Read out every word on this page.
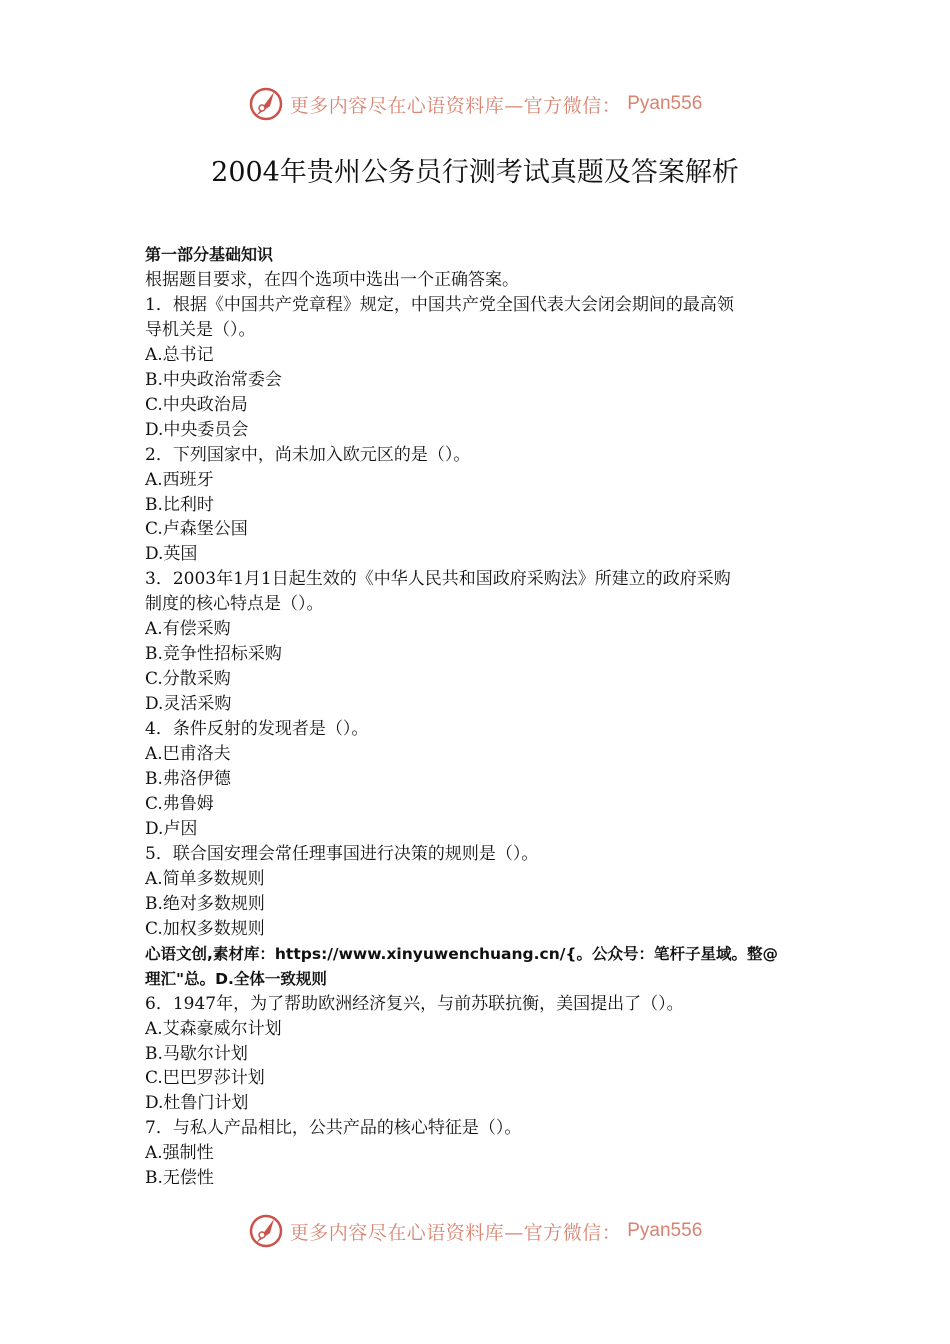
更多内容尽在心语资料库—官方微信： Pyan556
2004年贵州公务员行测考试真题及答案解析
第一部分基础知识
根据题目要求，在四个选项中选出一个正确答案。
1．根据《中国共产党章程》规定，中国共产党全国代表大会闭会期间的最高领
导机关是（）。
A.总书记
B.中央政治常委会
C.中央政治局
D.中央委员会
2．下列国家中，尚未加入欧元区的是（）。
A.西班牙
B.比利时
C.卢森堡公国
D.英国
3．2003年1月1日起生效的《中华人民共和国政府采购法》所建立的政府采购
制度的核心特点是（）。
A.有偿采购
B.竞争性招标采购
C.分散采购
D.灵活采购
4．条件反射的发现者是（）。
A.巴甫洛夫
B.弗洛伊德
C.弗鲁姆
D.卢因
5．联合国安理会常任理事国进行决策的规则是（）。
A.简单多数规则
B.绝对多数规则
C.加权多数规则
心语文创,素材库：https://www.xinyuwenchuang.cn/{。公众号：笔杆子星域。整@
理汇"总。D.全体一致规则
6．1947年，为了帮助欧洲经济复兴，与前苏联抗衡，美国提出了（）。
A.艾森豪威尔计划
B.马歇尔计划
C.巴巴罗莎计划
D.杜鲁门计划
7．与私人产品相比，公共产品的核心特征是（）。
A.强制性
B.无偿性
更多内容尽在心语资料库—官方微信： Pyan556
